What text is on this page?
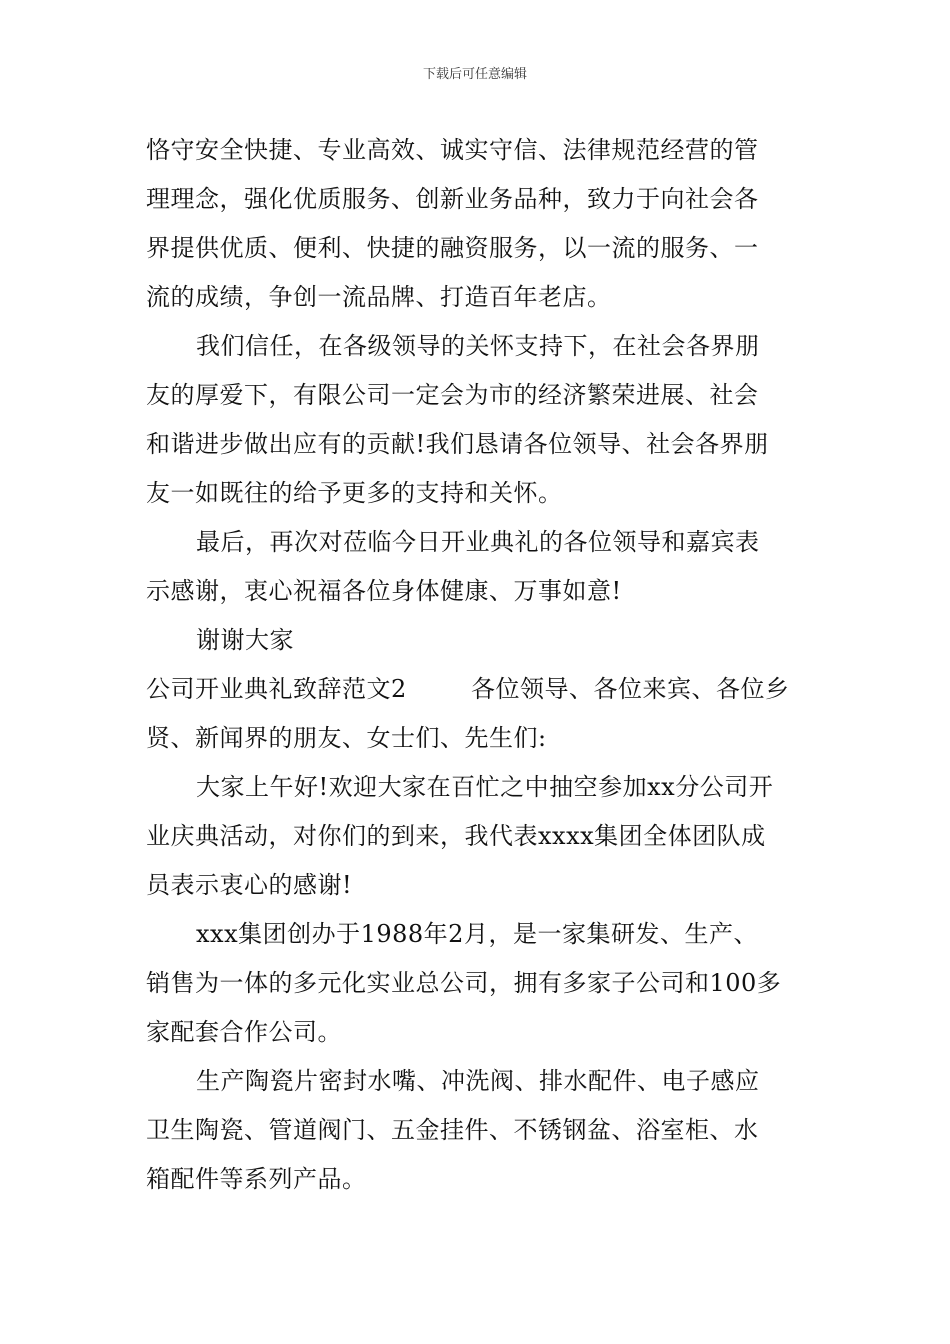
下载后可任意编辑
恪守安全快捷、专业高效、诚实守信、法律规范经营的管
理理念，强化优质服务、创新业务品种，致力于向社会各
界提供优质、便利、快捷的融资服务，以一流的服务、一
流的成绩，争创一流品牌、打造百年老店。
我们信任，在各级领导的关怀支持下，在社会各界朋
友的厚爱下，有限公司一定会为市的经济繁荣进展、社会
和谐进步做出应有的贡献!我们恳请各位领导、社会各界朋
友一如既往的给予更多的支持和关怀。
最后，再次对莅临今日开业典礼的各位领导和嘉宾表
示感谢，衷心祝福各位身体健康、万事如意!
谢谢大家
公司开业典礼致辞范文2	各位领导、各位来宾、各位乡
贤、新闻界的朋友、女士们、先生们:
大家上午好!欢迎大家在百忙之中抽空参加xx分公司开
业庆典活动，对你们的到来，我代表xxxx集团全体团队成
员表示衷心的感谢!
xxx集团创办于1988年2月，是一家集研发、生产、
销售为一体的多元化实业总公司，拥有多家子公司和100多
家配套合作公司。
生产陶瓷片密封水嘴、冲洗阀、排水配件、电子感应
卫生陶瓷、管道阀门、五金挂件、不锈钢盆、浴室柜、水
箱配件等系列产品。
